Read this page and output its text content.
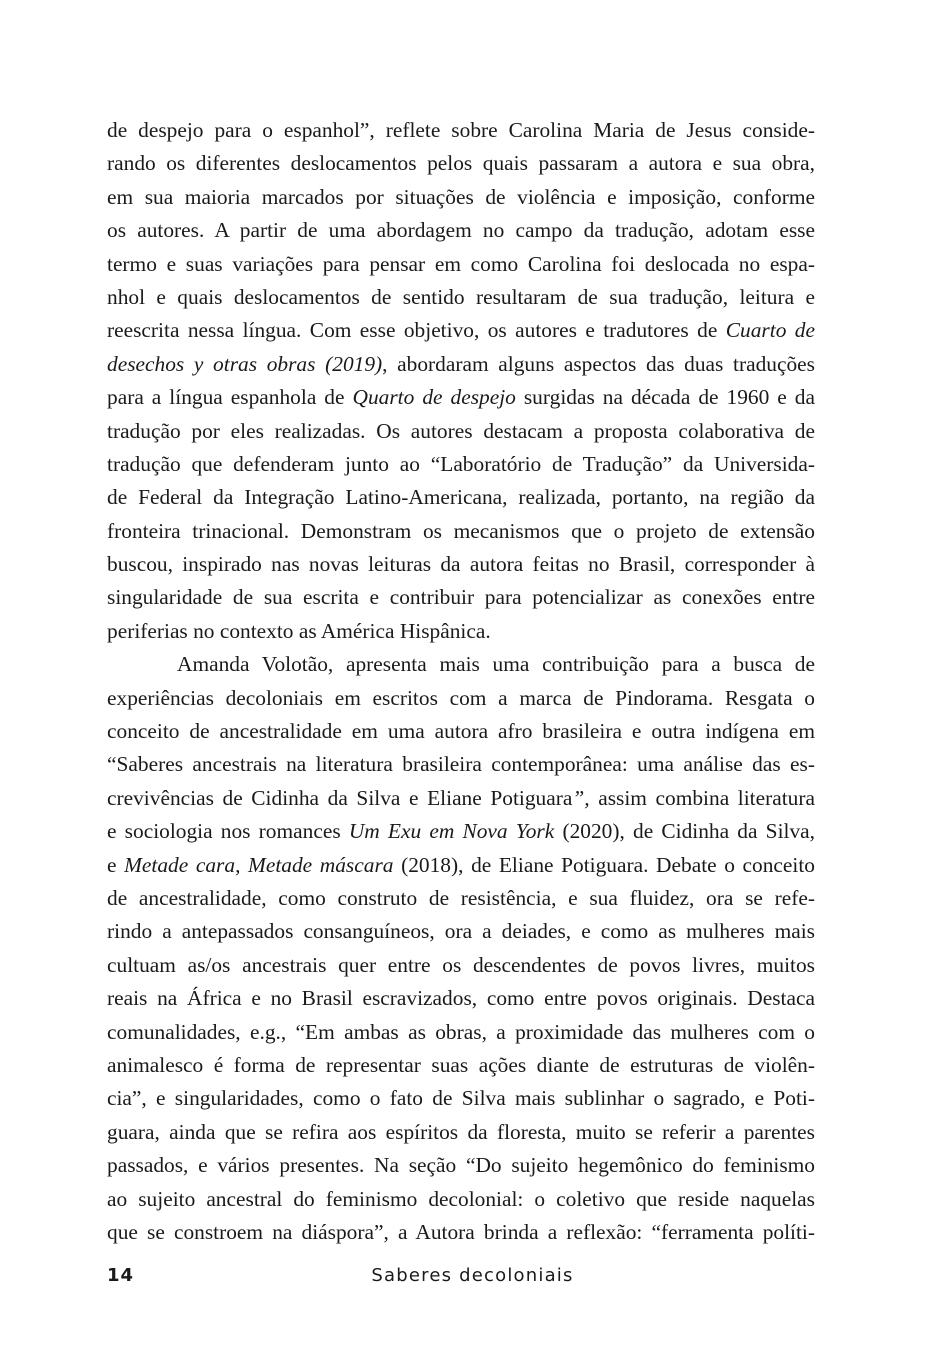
de despejo para o espanhol”, reflete sobre Carolina Maria de Jesus conside-
rando os diferentes deslocamentos pelos quais passaram a autora e sua obra,
em sua maioria marcados por situações de violência e imposição, conforme
os autores. A partir de uma abordagem no campo da tradução, adotam esse
termo e suas variações para pensar em como Carolina foi deslocada no espa-
nhol e quais deslocamentos de sentido resultaram de sua tradução, leitura e
reescrita nessa língua. Com esse objetivo, os autores e tradutores de Cuarto de
desechos y otras obras (2019), abordaram alguns aspectos das duas traduções
para a língua espanhola de Quarto de despejo surgidas na década de 1960 e da
tradução por eles realizadas. Os autores destacam a proposta colaborativa de
tradução que defenderam junto ao “Laboratório de Tradução” da Universida-
de Federal da Integração Latino-Americana, realizada, portanto, na região da
fronteira trinacional. Demonstram os mecanismos que o projeto de extensão
buscou, inspirado nas novas leituras da autora feitas no Brasil, corresponder à
singularidade de sua escrita e contribuir para potencializar as conexões entre
periferias no contexto as América Hispânica.
Amanda Volotão, apresenta mais uma contribuição para a busca de
experiências decoloniais em escritos com a marca de Pindorama. Resgata o
conceito de ancestralidade em uma autora afro brasileira e outra indígena em
“Saberes ancestrais na literatura brasileira contemporânea: uma análise das es-
crevivências de Cidinha da Silva e Eliane Potiguara”, assim combina literatura
e sociologia nos romances Um Exu em Nova York (2020), de Cidinha da Silva,
e Metade cara, Metade máscara (2018), de Eliane Potiguara. Debate o conceito
de ancestralidade, como construto de resistência, e sua fluidez, ora se refe-
rindo a antepassados consanguíneos, ora a deiades, e como as mulheres mais
cultuam as/os ancestrais quer entre os descendentes de povos livres, muitos
reais na África e no Brasil escravizados, como entre povos originais. Destaca
comunalidades, e.g., “Em ambas as obras, a proximidade das mulheres com o
animalesco é forma de representar suas ações diante de estruturas de violên-
cia”, e singularidades, como o fato de Silva mais sublinhar o sagrado, e Poti-
guara, ainda que se refira aos espíritos da floresta, muito se referir a parentes
passados, e vários presentes. Na seção “Do sujeito hegemônico do feminismo
ao sujeito ancestral do feminismo decolonial: o coletivo que reside naquelas
que se constroem na diáspora”, a Autora brinda a reflexão: “ferramenta políti-
14	Saberes decoloniais
